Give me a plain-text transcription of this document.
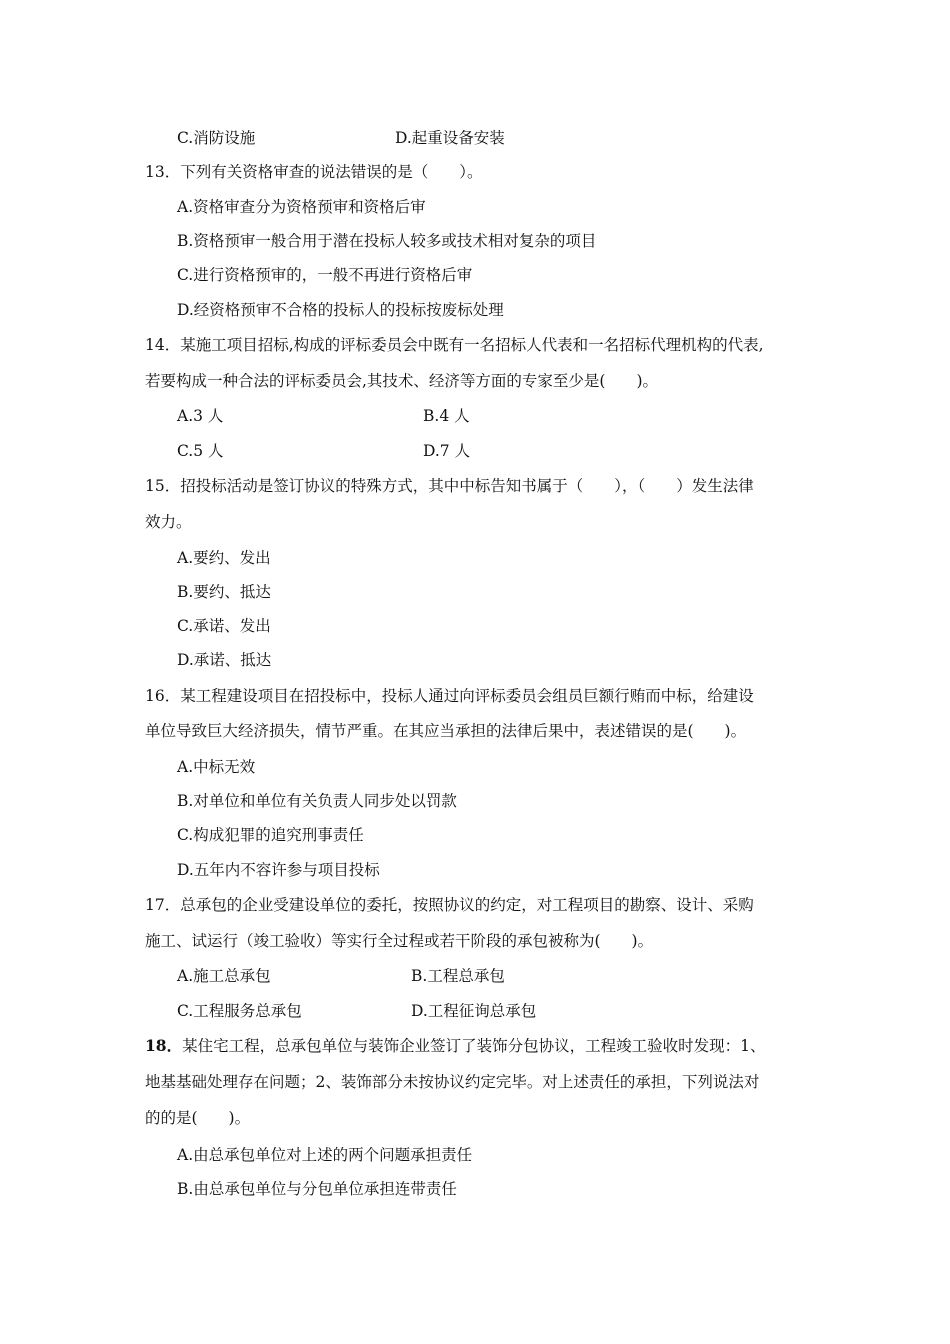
C.消防设施	D.起重设备安装
13．下列有关资格审查的说法错误的是（　　）。
A.资格审查分为资格预审和资格后审
B.资格预审一般合用于潜在投标人较多或技术相对复杂的项目
C.进行资格预审的，一般不再进行资格后审
D.经资格预审不合格的投标人的投标按废标处理
14．某施工项目招标,构成的评标委员会中既有一名招标人代表和一名招标代理机构的代表,
若要构成一种合法的评标委员会,其技术、经济等方面的专家至少是(　　)。
A.3 人	B.4 人
C.5 人	D.7 人
15．招投标活动是签订协议的特殊方式，其中中标告知书属于（　　），（　　）发生法律
效力。
A.要约、发出
B.要约、抵达
C.承诺、发出
D.承诺、抵达
16．某工程建设项目在招投标中，投标人通过向评标委员会组员巨额行贿而中标，给建设
单位导致巨大经济损失，情节严重。在其应当承担的法律后果中，表述错误的是(　　)。
A.中标无效
B.对单位和单位有关负责人同步处以罚款
C.构成犯罪的追究刑事责任
D.五年内不容许参与项目投标
17．总承包的企业受建设单位的委托，按照协议的约定，对工程项目的勘察、设计、采购
施工、试运行（竣工验收）等实行全过程或若干阶段的承包被称为(　　)。
A.施工总承包	B.工程总承包
C.工程服务总承包	D.工程征询总承包
18．某住宅工程，总承包单位与装饰企业签订了装饰分包协议，工程竣工验收时发现：1、
地基基础处理存在问题；2、装饰部分未按协议约定完毕。对上述责任的承担，下列说法对
的的是(　　)。
A.由总承包单位对上述的两个问题承担责任
B.由总承包单位与分包单位承担连带责任
